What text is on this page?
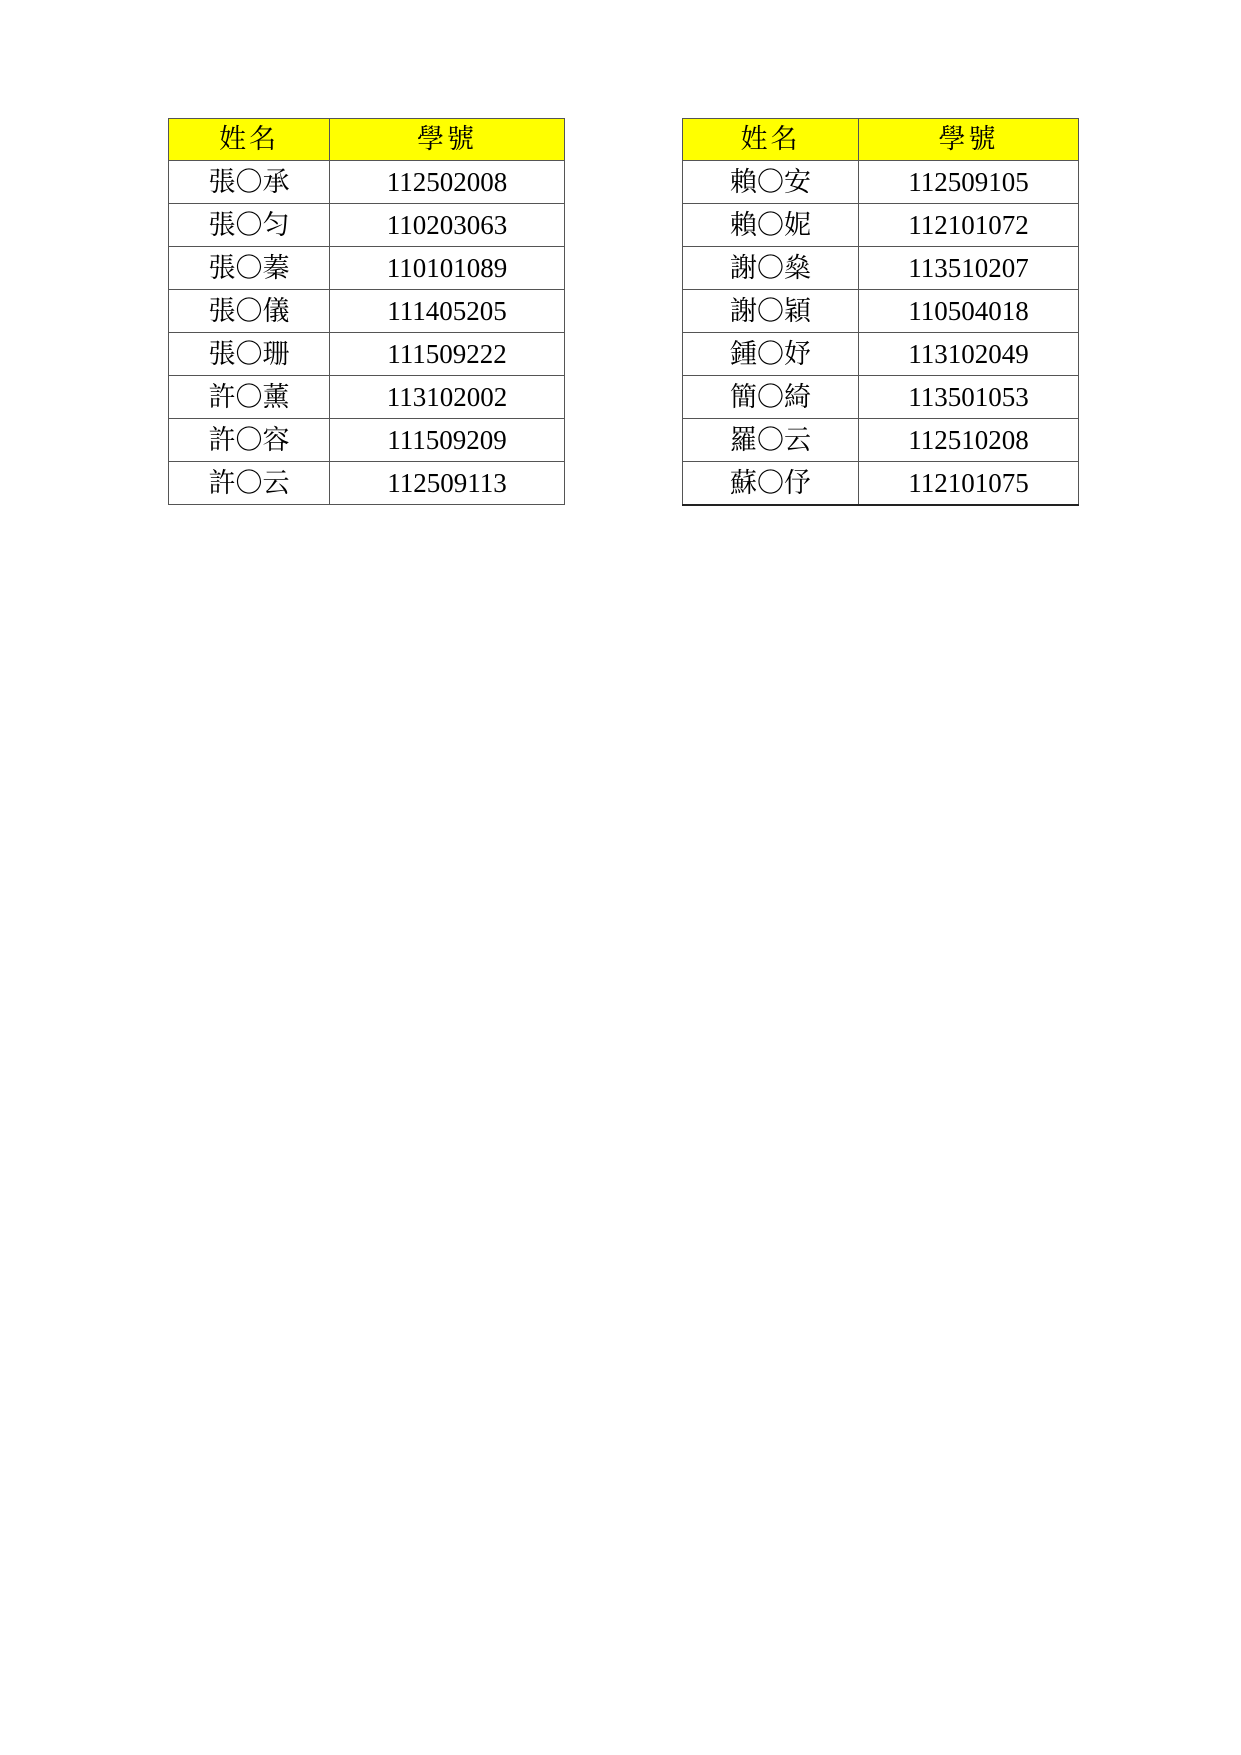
姓名	學號
張〇承	112502008
張〇匀	110203063
張〇蓁	110101089
張〇儀	111405205
張〇珊	111509222
許〇薰	113102002
許〇容	111509209
許〇云	112509113
姓名	學號
賴〇安	112509105
賴〇妮	112101072
謝〇燊	113510207
謝〇穎	110504018
鍾〇妤	113102049
簡〇綺	113501053
羅〇云	112510208
蘇〇伃	112101075
